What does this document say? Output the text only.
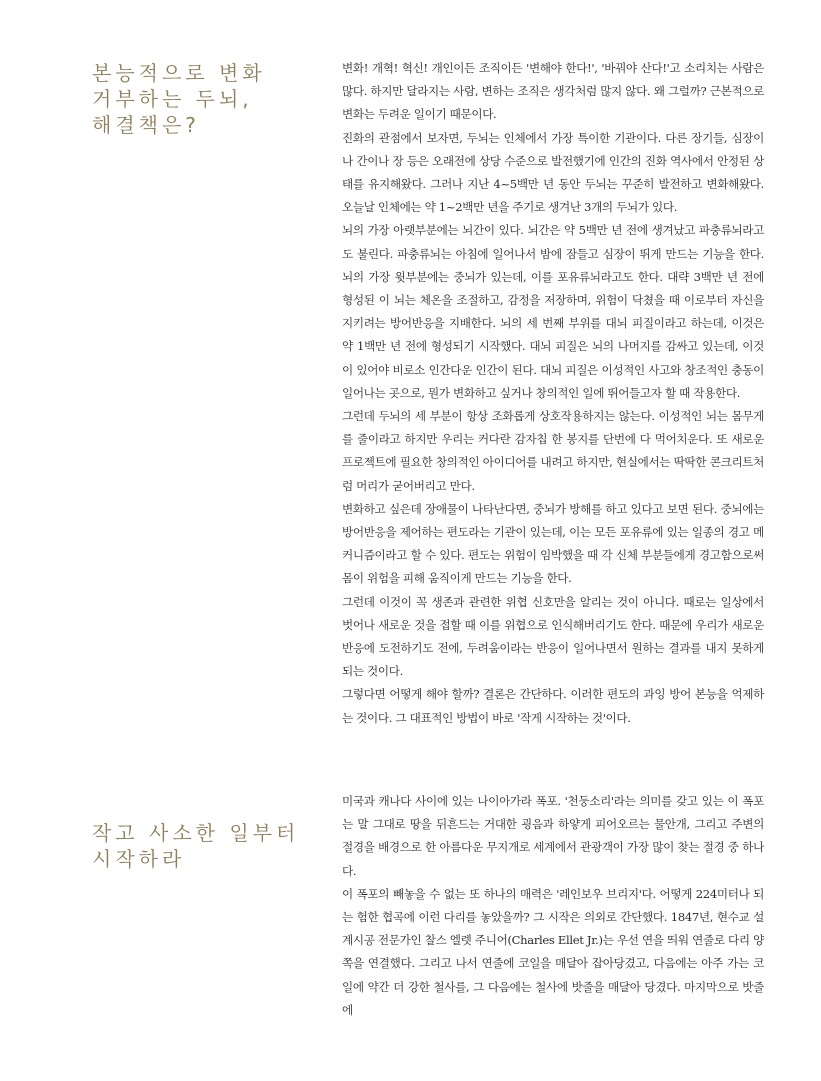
본능적으로 변화
거부하는 두뇌,
해결책은?

변화! 개혁! 혁신! 개인이든 조직이든 '변해야 한다!', '바꿔야 산다!'고 소리치는 사람은 많다. 하지만 달라지는 사람, 변하는 조직은 생각처럼 많지 않다. 왜 그럴까? 근본적으로 변화는 두려운 일이기 때문이다.

진화의 관점에서 보자면, 두뇌는 인체에서 가장 특이한 기관이다. 다른 장기들, 심장이나 간이나 장 등은 오래전에 상당 수준으로 발전했기에 인간의 진화 역사에서 안정된 상태를 유지해왔다. 그러나 지난 4~5백만 년 동안 두뇌는 꾸준히 발전하고 변화해왔다. 오늘날 인체에는 약 1~2백만 년을 주기로 생겨난 3개의 두뇌가 있다.

뇌의 가장 아랫부분에는 뇌간이 있다. 뇌간은 약 5백만 년 전에 생겨났고 파충류뇌라고도 불린다. 파충류뇌는 아침에 일어나서 밤에 잠들고 심장이 뛰게 만드는 기능을 한다. 뇌의 가장 윗부분에는 중뇌가 있는데, 이를 포유류뇌라고도 한다. 대략 3백만 년 전에 형성된 이 뇌는 체온을 조절하고, 감정을 저장하며, 위험이 닥쳤을 때 이로부터 자신을 지키려는 방어반응을 지배한다. 뇌의 세 번째 부위를 대뇌 피질이라고 하는데, 이것은 약 1백만 년 전에 형성되기 시작했다. 대뇌 피질은 뇌의 나머지를 감싸고 있는데, 이것이 있어야 비로소 인간다운 인간이 된다. 대뇌 피질은 이성적인 사고와 창조적인 충동이 일어나는 곳으로, 뭔가 변화하고 싶거나 창의적인 일에 뛰어들고자 할 때 작용한다.

그런데 두뇌의 세 부분이 항상 조화롭게 상호작용하지는 않는다. 이성적인 뇌는 몸무게를 줄이라고 하지만 우리는 커다란 감자칩 한 봉지를 단번에 다 먹어치운다. 또 새로운 프로젝트에 필요한 창의적인 아이디어를 내려고 하지만, 현실에서는 딱딱한 콘크리트처럼 머리가 굳어버리고 만다.

변화하고 싶은데 장애물이 나타난다면, 중뇌가 방해를 하고 있다고 보면 된다. 중뇌에는 방어반응을 제어하는 편도라는 기관이 있는데, 이는 모든 포유류에 있는 일종의 경고 메커니즘이라고 할 수 있다. 편도는 위험이 임박했을 때 각 신체 부분들에게 경고함으로써 몸이 위험을 피해 움직이게 만드는 기능을 한다.

그런데 이것이 꼭 생존과 관련한 위협 신호만을 알리는 것이 아니다. 때로는 일상에서 벗어나 새로운 것을 접할 때 이를 위협으로 인식해버리기도 한다. 때문에 우리가 새로운 반응에 도전하기도 전에, 두려움이라는 반응이 일어나면서 원하는 결과를 내지 못하게 되는 것이다.

그렇다면 어떻게 해야 할까? 결론은 간단하다. 이러한 편도의 과잉 방어 본능을 억제하는 것이다. 그 대표적인 방법이 바로 '작게 시작하는 것'이다.

작고 사소한 일부터
시작하라

미국과 캐나다 사이에 있는 나이아가라 폭포. '천둥소리'라는 의미를 갖고 있는 이 폭포는 말 그대로 땅을 뒤흔드는 거대한 굉음과 하얗게 피어오르는 물안개, 그리고 주변의 절경을 배경으로 한 아름다운 무지개로 세계에서 관광객이 가장 많이 찾는 절경 중 하나다.

이 폭포의 빼놓을 수 없는 또 하나의 매력은 '레인보우 브리지'다. 어떻게 224미터나 되는 험한 협곡에 이런 다리를 놓았을까? 그 시작은 의외로 간단했다. 1847년, 현수교 설계시공 전문가인 찰스 엘렛 주니어(Charles Ellet Jr.)는 우선 연을 띄워 연줄로 다리 양쪽을 연결했다. 그리고 나서 연줄에 코일을 매달아 잡아당겼고, 다음에는 아주 가는 코일에 약간 더 강한 철사를, 그 다음에는 철사에 밧줄을 매달아 당겼다. 마지막으로 밧줄에
